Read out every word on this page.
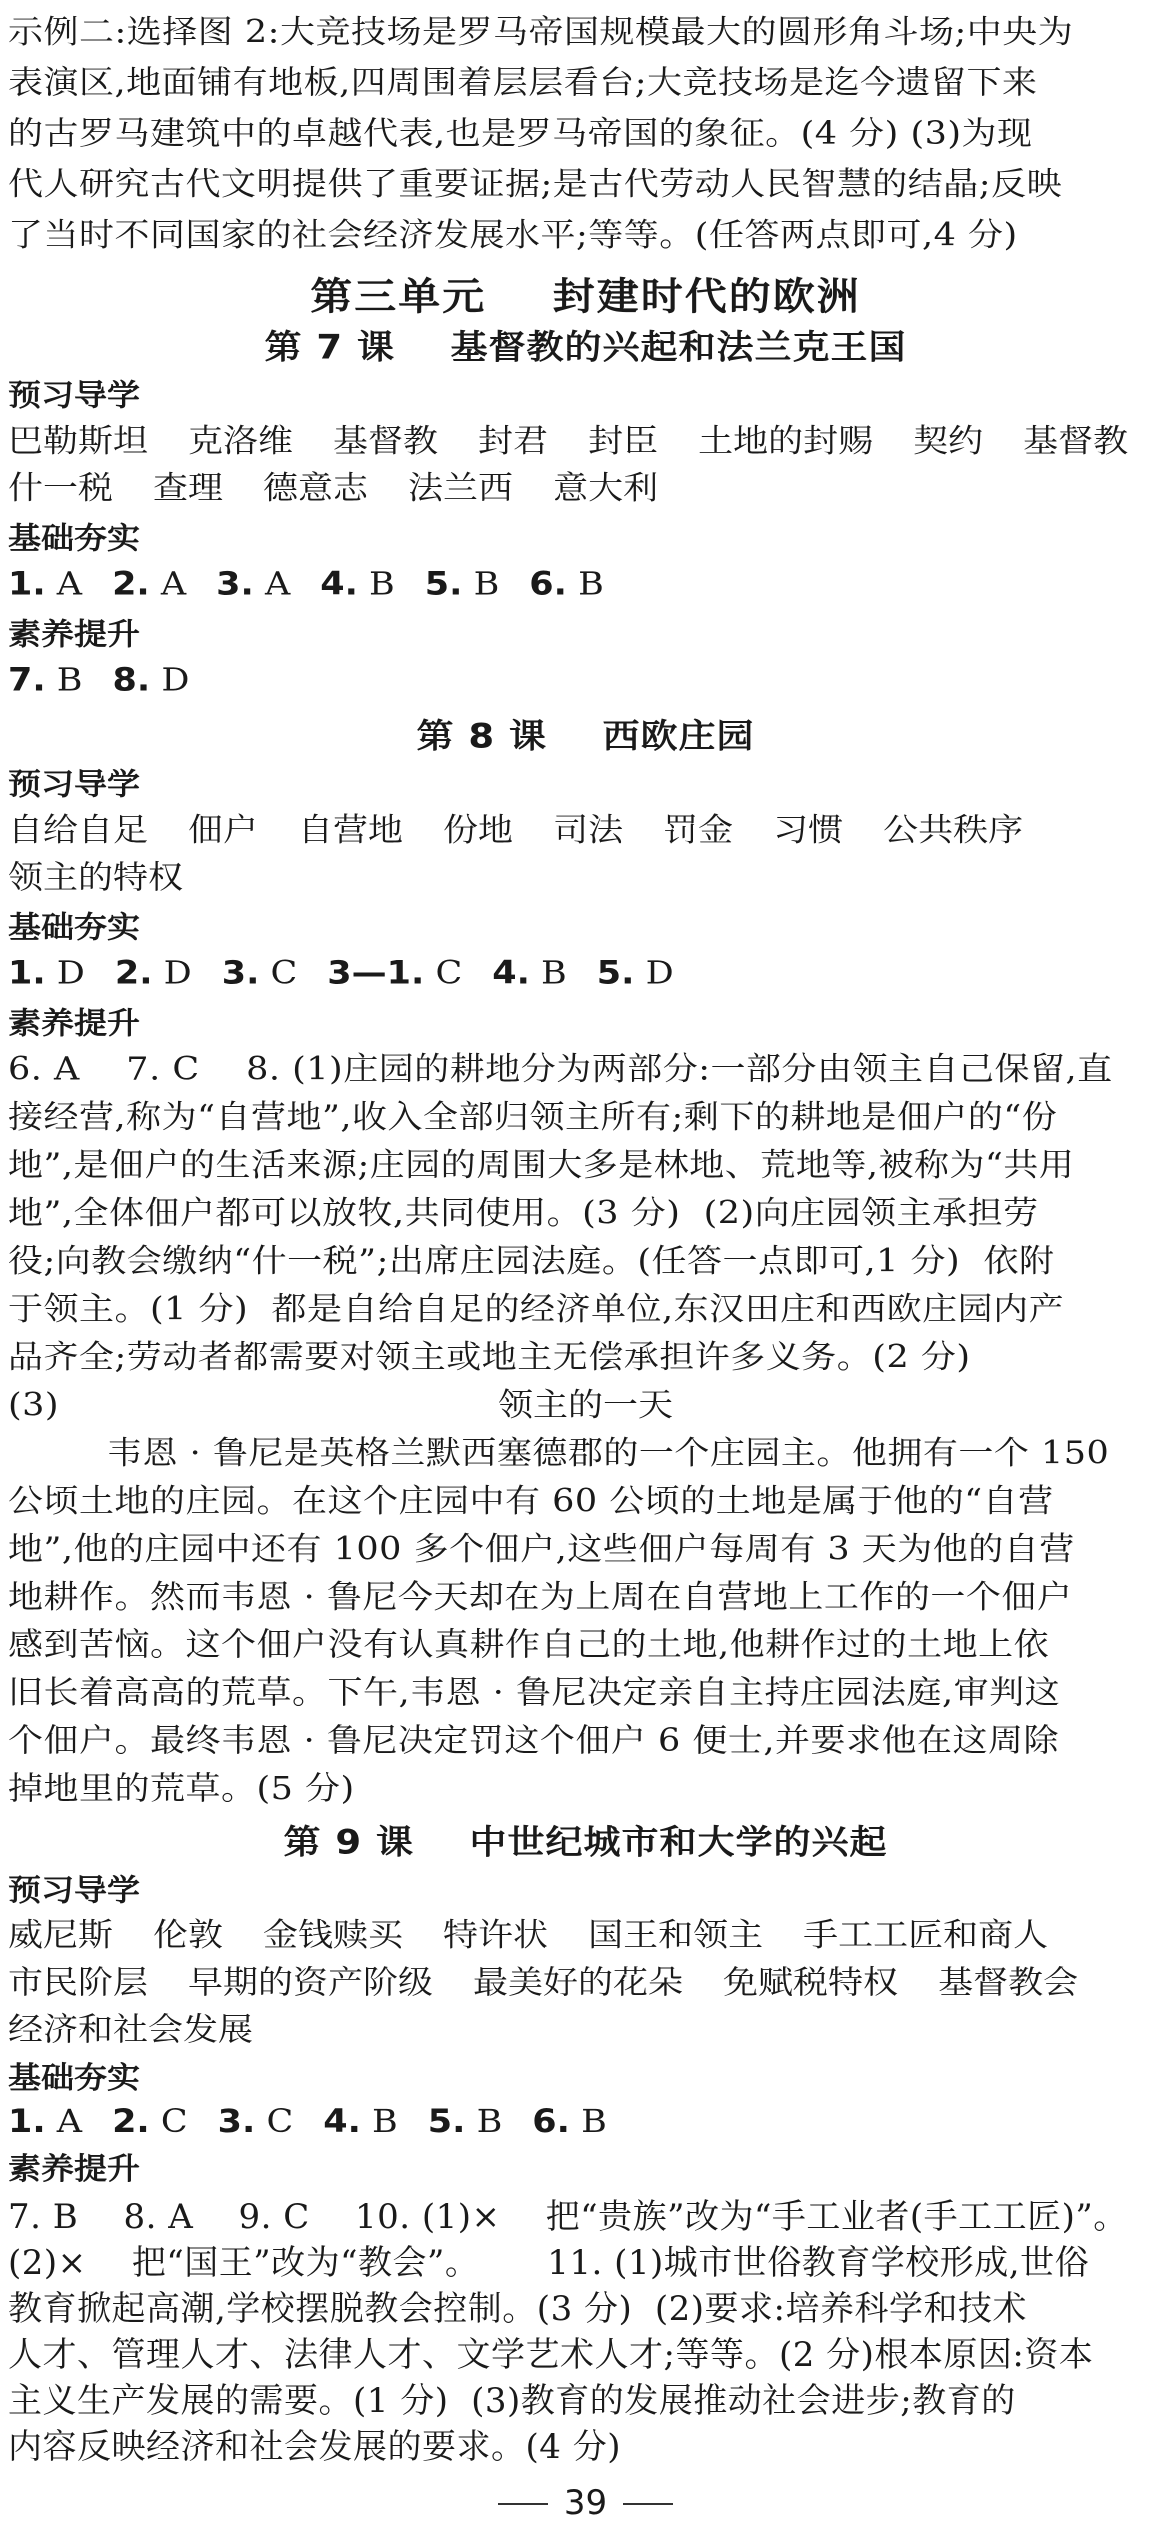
示例二:选择图 2:大竞技场是罗马帝国规模最大的圆形角斗场;中央为
表演区,地面铺有地板,四周围着层层看台;大竞技场是迄今遗留下来
的古罗马建筑中的卓越代表,也是罗马帝国的象征。(4 分) (3)为现
代人研究古代文明提供了重要证据;是古代劳动人民智慧的结晶;反映
了当时不同国家的社会经济发展水平;等等。(任答两点即可,4 分)
第三单元    封建时代的欧洲
第 7 课    基督教的兴起和法兰克王国
预习导学
巴勒斯坦 克洛维 基督教 封君 封臣 土地的封赐 契约 基督教
什一税 查理 德意志 法兰西 意大利
基础夯实
1. A 2. A 3. A 4. B 5. B 6. B
素养提升
7. B 8. D
第 8 课    西欧庄园
预习导学
自给自足 佃户 自营地 份地 司法 罚金 习惯 公共秩序
领主的特权
基础夯实
1. D 2. D 3. C 3—1. C 4. B 5. D
素养提升
6. A    7. C    8. (1)庄园的耕地分为两部分:一部分由领主自己保留,直
接经营,称为“自营地”,收入全部归领主所有;剩下的耕地是佃户的“份
地”,是佃户的生活来源;庄园的周围大多是林地、荒地等,被称为“共用
地”,全体佃户都可以放牧,共同使用。(3 分)  (2)向庄园领主承担劳
役;向教会缴纳“什一税”;出席庄园法庭。(任答一点即可,1 分)  依附
于领主。(1 分)  都是自给自足的经济单位,东汉田庄和西欧庄园内产
品齐全;劳动者都需要对领主或地主无偿承担许多义务。(2 分)
(3)	领主的一天
韦恩 · 鲁尼是英格兰默西塞德郡的一个庄园主。他拥有一个 150
公顷土地的庄园。在这个庄园中有 60 公顷的土地是属于他的“自营
地”,他的庄园中还有 100 多个佃户,这些佃户每周有 3 天为他的自营
地耕作。然而韦恩 · 鲁尼今天却在为上周在自营地上工作的一个佃户
感到苦恼。这个佃户没有认真耕作自己的土地,他耕作过的土地上依
旧长着高高的荒草。下午,韦恩 · 鲁尼决定亲自主持庄园法庭,审判这
个佃户。最终韦恩 · 鲁尼决定罚这个佃户 6 便士,并要求他在这周除
掉地里的荒草。(5 分)
第 9 课    中世纪城市和大学的兴起
预习导学
威尼斯 伦敦 金钱赎买 特许状 国王和领主 手工工匠和商人
市民阶层 早期的资产阶级 最美好的花朵 免赋税特权 基督教会
经济和社会发展
基础夯实
1. A 2. C 3. C 4. B 5. B 6. B
素养提升
7. B    8. A    9. C    10. (1)×    把“贵族”改为“手工业者(手工工匠)”。
(2)×    把“国王”改为“教会”。      11. (1)城市世俗教育学校形成,世俗
教育掀起高潮,学校摆脱教会控制。(3 分)  (2)要求:培养科学和技术
人才、管理人才、法律人才、文学艺术人才;等等。(2 分)根本原因:资本
主义生产发展的需要。(1 分)  (3)教育的发展推动社会进步;教育的
内容反映经济和社会发展的要求。(4 分)
39
